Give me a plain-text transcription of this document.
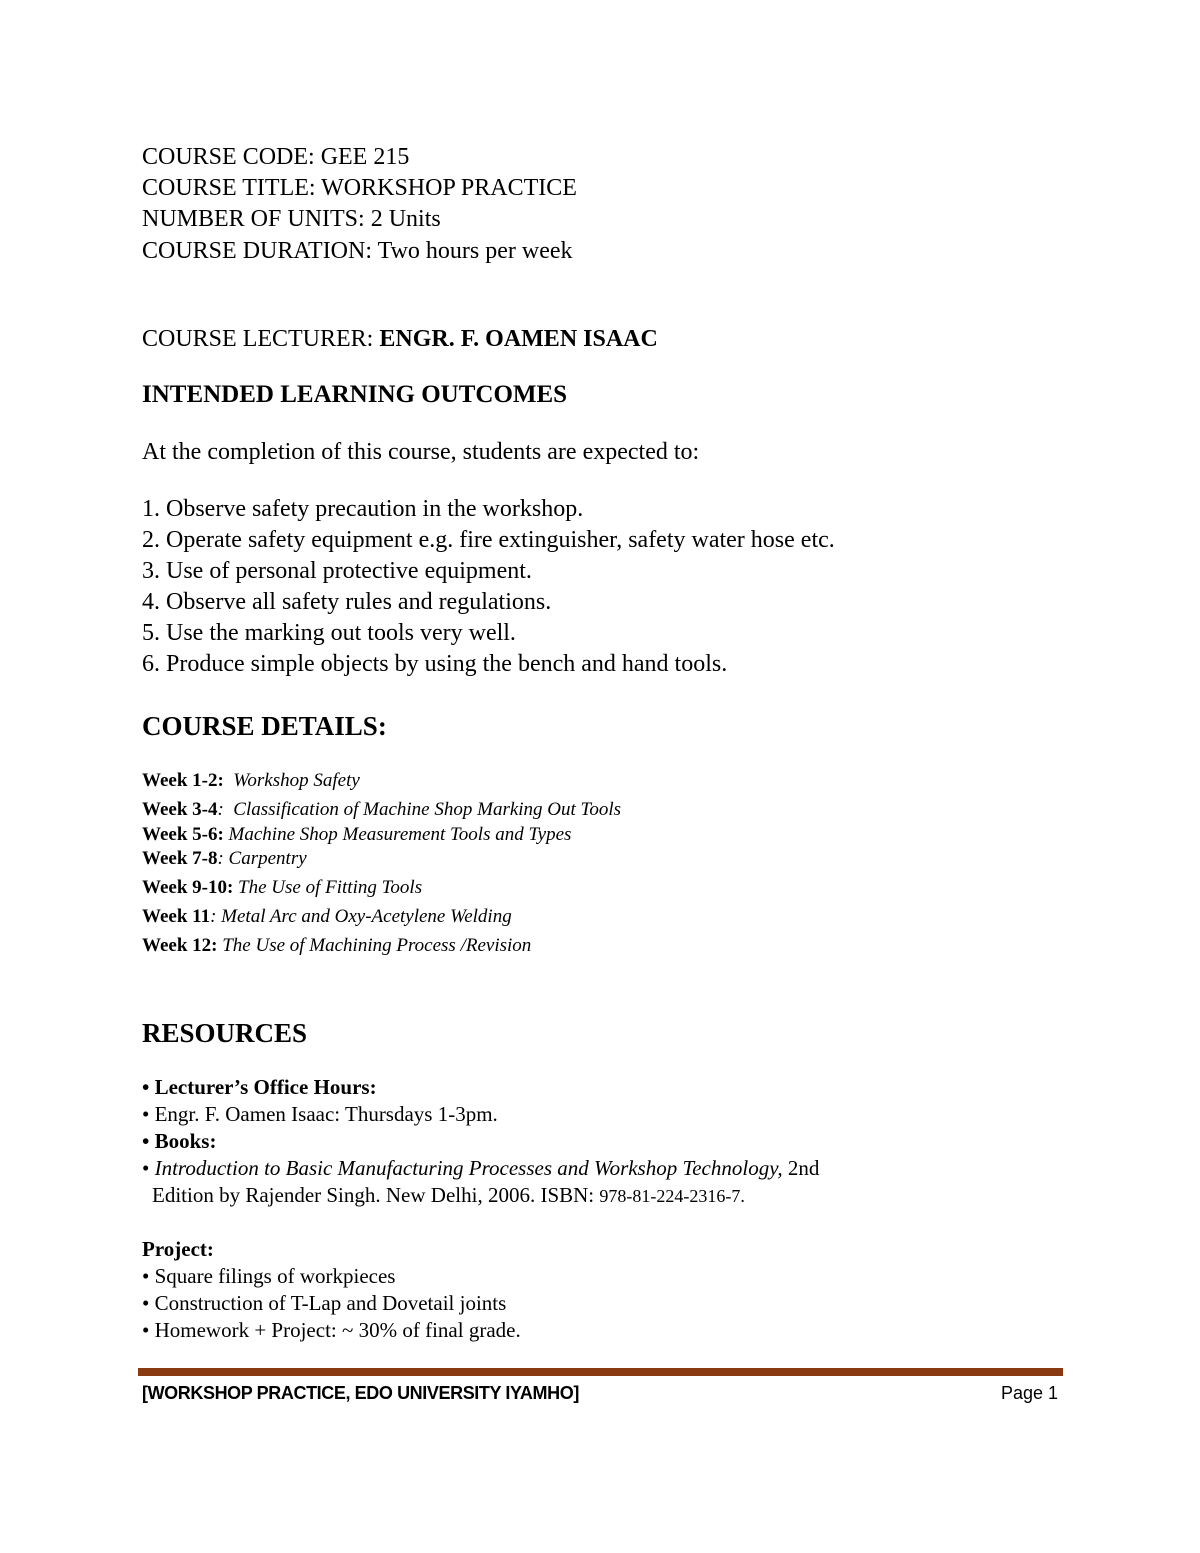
COURSE CODE: GEE 215
COURSE TITLE: WORKSHOP PRACTICE
NUMBER OF UNITS: 2 Units
COURSE DURATION: Two hours per week
COURSE LECTURER: ENGR. F. OAMEN ISAAC
INTENDED LEARNING OUTCOMES
At the completion of this course, students are expected to:
1. Observe safety precaution in the workshop.
2. Operate safety equipment e.g. fire extinguisher, safety water hose etc.
3. Use of personal protective equipment.
4. Observe all safety rules and regulations.
5. Use the marking out tools very well.
6. Produce simple objects by using the bench and hand tools.
COURSE DETAILS:
Week 1-2: Workshop Safety
Week 3-4:  Classification of Machine Shop Marking Out Tools
Week 5-6: Machine Shop Measurement Tools and Types
Week 7-8: Carpentry
Week 9-10: The Use of Fitting Tools
Week 11: Metal Arc and Oxy-Acetylene Welding
Week 12: The Use of Machining Process /Revision
RESOURCES
• Lecturer’s Office Hours:
• Engr. F. Oamen Isaac: Thursdays 1-3pm.
• Books:
• Introduction to Basic Manufacturing Processes and Workshop Technology, 2nd
Edition by Rajender Singh. New Delhi, 2006. ISBN: 978-81-224-2316-7.
Project:
• Square filings of workpieces
• Construction of T-Lap and Dovetail joints
• Homework + Project: ~ 30% of final grade.
[WORKSHOP PRACTICE, EDO UNIVERSITY IYAMHO]	Page 1
